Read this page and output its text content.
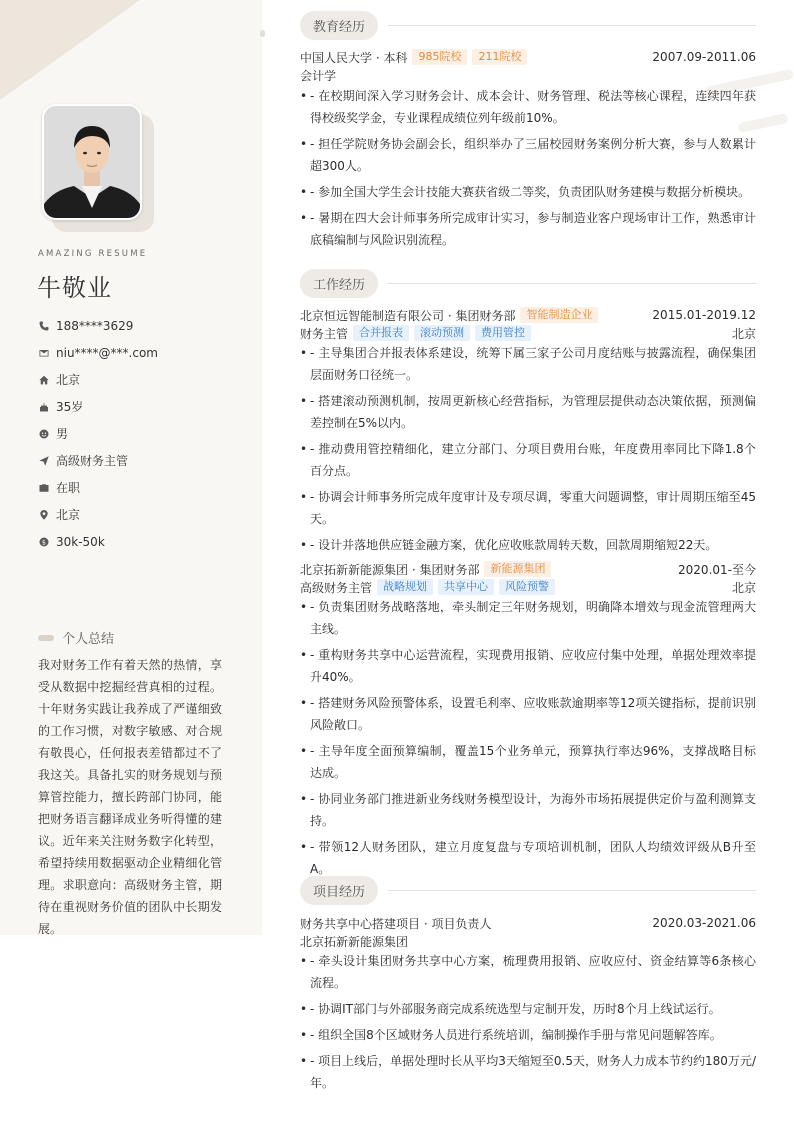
AMAZING RESUME
牛敬业
188****3629
niu****@***.com
北京
35岁
男
高级财务主管
在职
北京
$ 30k-50k
个人总结

我对财务工作有着天然的热情，享受从数据中挖掘经营真相的过程。十年财务实践让我养成了严谨细致的工作习惯，对数字敏感、对合规有敬畏心，任何报表差错都过不了我这关。具备扎实的财务规划与预算管控能力，擅长跨部门协同，能把财务语言翻译成业务听得懂的建议。近年来关注财务数字化转型，希望持续用数据驱动企业精细化管理。求职意向：高级财务主管，期待在重视财务价值的团队中长期发展。

教育经历
中国人民大学 · 本科	985院校	211院校	2007.09-2011.06
会计学
• - 在校期间深入学习财务会计、成本会计、财务管理、税法等核心课程，连续四年获得校级奖学金，专业课程成绩位列年级前10%。
• - 担任学院财务协会副会长，组织举办了三届校园财务案例分析大赛，参与人数累计超300人。
• - 参加全国大学生会计技能大赛获省级二等奖，负责团队财务建模与数据分析模块。
• - 暑期在四大会计师事务所完成审计实习，参与制造业客户现场审计工作，熟悉审计底稿编制与风险识别流程。
工作经历
北京恒远智能制造有限公司 · 集团财务部	智能制造企业	2015.01-2019.12
财务主管	合并报表	滚动预测	费用管控	北京
• - 主导集团合并报表体系建设，统筹下属三家子公司月度结账与披露流程，确保集团层面财务口径统一。
• - 搭建滚动预测机制，按周更新核心经营指标，为管理层提供动态决策依据，预测偏差控制在5%以内。
• - 推动费用管控精细化，建立分部门、分项目费用台账，年度费用率同比下降1.8个百分点。
• - 协调会计师事务所完成年度审计及专项尽调，零重大问题调整，审计周期压缩至45天。
• - 设计并落地供应链金融方案，优化应收账款周转天数，回款周期缩短22天。
北京拓新新能源集团 · 集团财务部	新能源集团	2020.01-至今
高级财务主管	战略规划	共享中心	风险预警	北京
• - 负责集团财务战略落地，牵头制定三年财务规划，明确降本增效与现金流管理两大主线。
• - 重构财务共享中心运营流程，实现费用报销、应收应付集中处理，单据处理效率提升40%。
• - 搭建财务风险预警体系，设置毛利率、应收账款逾期率等12项关键指标，提前识别风险敞口。
• - 主导年度全面预算编制，覆盖15个业务单元，预算执行率达96%，支撑战略目标达成。
• - 协同业务部门推进新业务线财务模型设计，为海外市场拓展提供定价与盈利测算支持。
• - 带领12人财务团队，建立月度复盘与专项培训机制，团队人均绩效评级从B升至A。
项目经历
财务共享中心搭建项目 · 项目负责人	2020.03-2021.06
北京拓新新能源集团
• - 牵头设计集团财务共享中心方案，梳理费用报销、应收应付、资金结算等6条核心流程。
• - 协调IT部门与外部服务商完成系统选型与定制开发，历时8个月上线试运行。
• - 组织全国8个区域财务人员进行系统培训，编制操作手册与常见问题解答库。
• - 项目上线后，单据处理时长从平均3天缩短至0.5天，财务人力成本节约约180万元/年。
